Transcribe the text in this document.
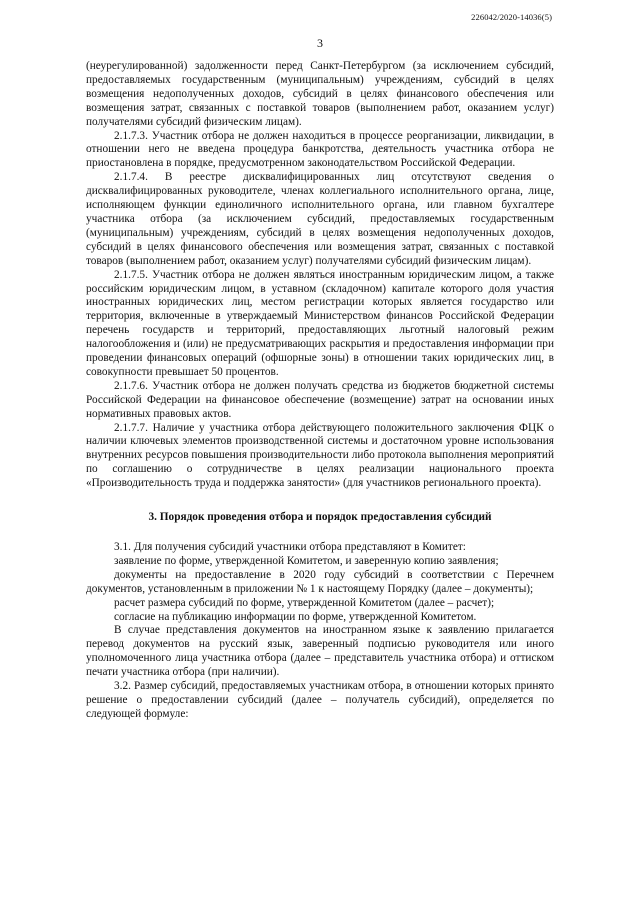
226042/2020-14036(5)
3

(неурегулированной) задолженности перед Санкт-Петербургом (за исключением субсидий, предоставляемых государственным (муниципальным) учреждениям, субсидий в целях возмещения недополученных доходов, субсидий в целях финансового обеспечения или возмещения затрат, связанных с поставкой товаров (выполнением работ, оказанием услуг) получателями субсидий физическим лицам).

2.1.7.3. Участник отбора не должен находиться в процессе реорганизации, ликвидации, в отношении него не введена процедура банкротства, деятельность участника отбора не приостановлена в порядке, предусмотренном законодательством Российской Федерации.

2.1.7.4. В реестре дисквалифицированных лиц отсутствуют сведения о дисквалифицированных руководителе, членах коллегиального исполнительного органа, лице, исполняющем функции единоличного исполнительного органа, или главном бухгалтере участника отбора (за исключением субсидий, предоставляемых государственным (муниципальным) учреждениям, субсидий в целях возмещения недополученных доходов, субсидий в целях финансового обеспечения или возмещения затрат, связанных с поставкой товаров (выполнением работ, оказанием услуг) получателями субсидий физическим лицам).

2.1.7.5. Участник отбора не должен являться иностранным юридическим лицом, а также российским юридическим лицом, в уставном (складочном) капитале которого доля участия иностранных юридических лиц, местом регистрации которых является государство или территория, включенные в утверждаемый Министерством финансов Российской Федерации перечень государств и территорий, предоставляющих льготный налоговый режим налогообложения и (или) не предусматривающих раскрытия и предоставления информации при проведении финансовых операций (офшорные зоны) в отношении таких юридических лиц, в совокупности превышает 50 процентов.

2.1.7.6. Участник отбора не должен получать средства из бюджетов бюджетной системы Российской Федерации на финансовое обеспечение (возмещение) затрат на основании иных нормативных правовых актов.

2.1.7.7. Наличие у участника отбора действующего положительного заключения ФЦК о наличии ключевых элементов производственной системы и достаточном уровне использования внутренних ресурсов повышения производительности либо протокола выполнения мероприятий по соглашению о сотрудничестве в целях реализации национального проекта «Производительность труда и поддержка занятости» (для участников регионального проекта).

3. Порядок проведения отбора и порядок предоставления субсидий

3.1. Для получения субсидий участники отбора представляют в Комитет:

заявление по форме, утвержденной Комитетом, и заверенную копию заявления;

документы на предоставление в 2020 году субсидий в соответствии с Перечнем документов, установленным в приложении № 1 к настоящему Порядку (далее – документы);

расчет размера субсидий по форме, утвержденной Комитетом (далее – расчет);

согласие на публикацию информации по форме, утвержденной Комитетом.

В случае представления документов на иностранном языке к заявлению прилагается перевод документов на русский язык, заверенный подписью руководителя или иного уполномоченного лица участника отбора (далее – представитель участника отбора) и оттиском печати участника отбора (при наличии).

3.2. Размер субсидий, предоставляемых участникам отбора, в отношении которых принято решение о предоставлении субсидий (далее – получатель субсидий), определяется по следующей формуле:
